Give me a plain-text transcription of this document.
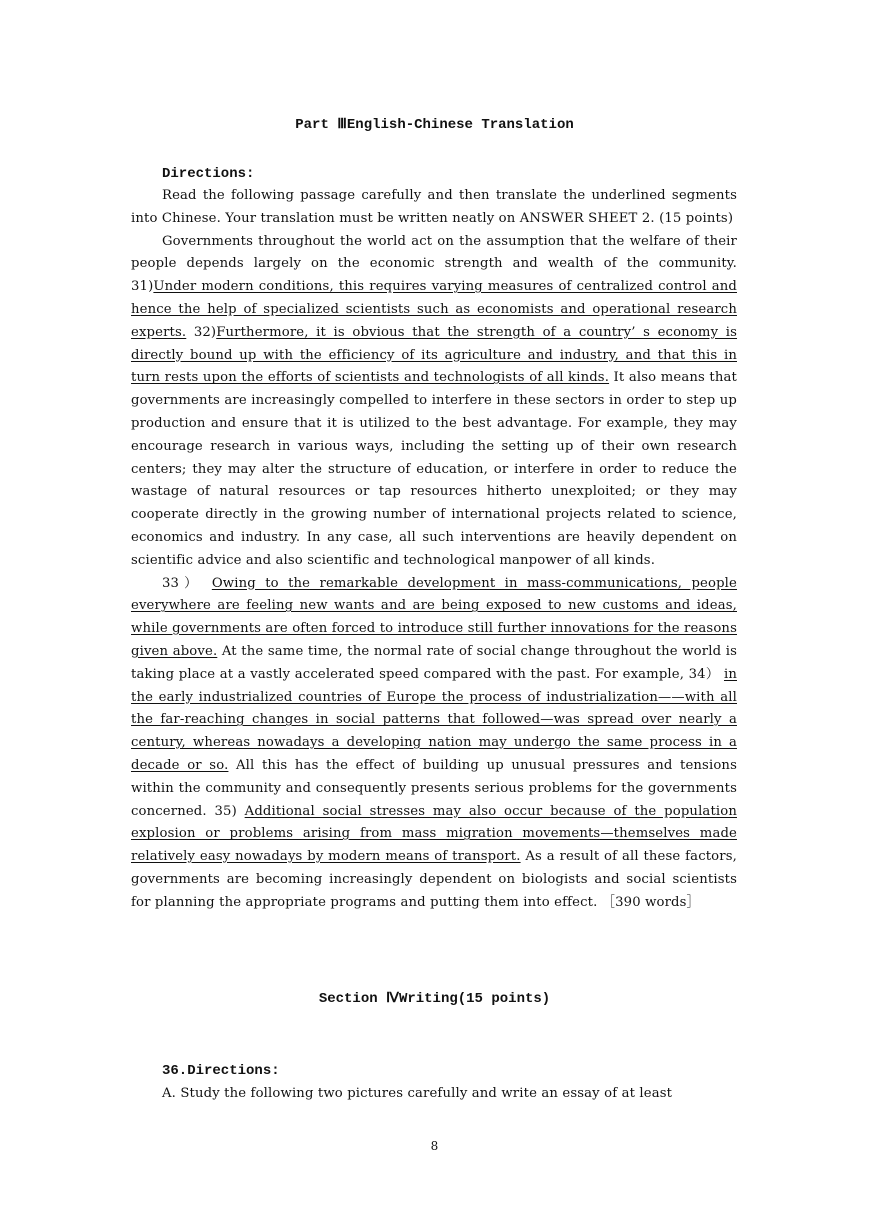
Part ⅢEnglish-Chinese Translation
Directions:

Read the following passage carefully and then translate the underlined segments into Chinese. Your translation must be written neatly on ANSWER SHEET 2. (15 points)

Governments throughout the world act on the assumption that the welfare of their people depends largely on the economic strength and wealth of the community. 31)Under modern conditions, this requires varying measures of centralized control and hence the help of specialized scientists such as economists and operational research experts. 32)Furthermore, it is obvious that the strength of a country’ s economy is directly bound up with the efficiency of its agriculture and industry, and that this in turn rests upon the efforts of scientists and technologists of all kinds. It also means that governments are increasingly compelled to interfere in these sectors in order to step up production and ensure that it is utilized to the best advantage. For example, they may encourage research in various ways, including the setting up of their own research centers; they may alter the structure of education, or interfere in order to reduce the wastage of natural resources or tap resources hitherto unexploited; or they may cooperate directly in the growing number of international projects related to science, economics and industry. In any case, all such interventions are heavily dependent on scientific advice and also scientific and technological manpower of all kinds.

33） Owing to the remarkable development in mass-communications, people everywhere are feeling new wants and are being exposed to new customs and ideas, while governments are often forced to introduce still further innovations for the reasons given above. At the same time, the normal rate of social change throughout the world is taking place at a vastly accelerated speed compared with the past. For example, 34） in the early industrialized countries of Europe the process of industrialization——with all the far-reaching changes in social patterns that followed—was spread over nearly a century, whereas nowadays a developing nation may undergo the same process in a decade or so. All this has the effect of building up unusual pressures and tensions within the community and consequently presents serious problems for the governments concerned. 35) Additional social stresses may also occur because of the population explosion or problems arising from mass migration movements—themselves made relatively easy nowadays by modern means of transport. As a result of all these factors, governments are becoming increasingly dependent on biologists and social scientists for planning the appropriate programs and putting them into effect. ［390 words］

Section ⅣWriting(15 points)
36.Directions:

A. Study the following two pictures carefully and write an essay of at least

8
